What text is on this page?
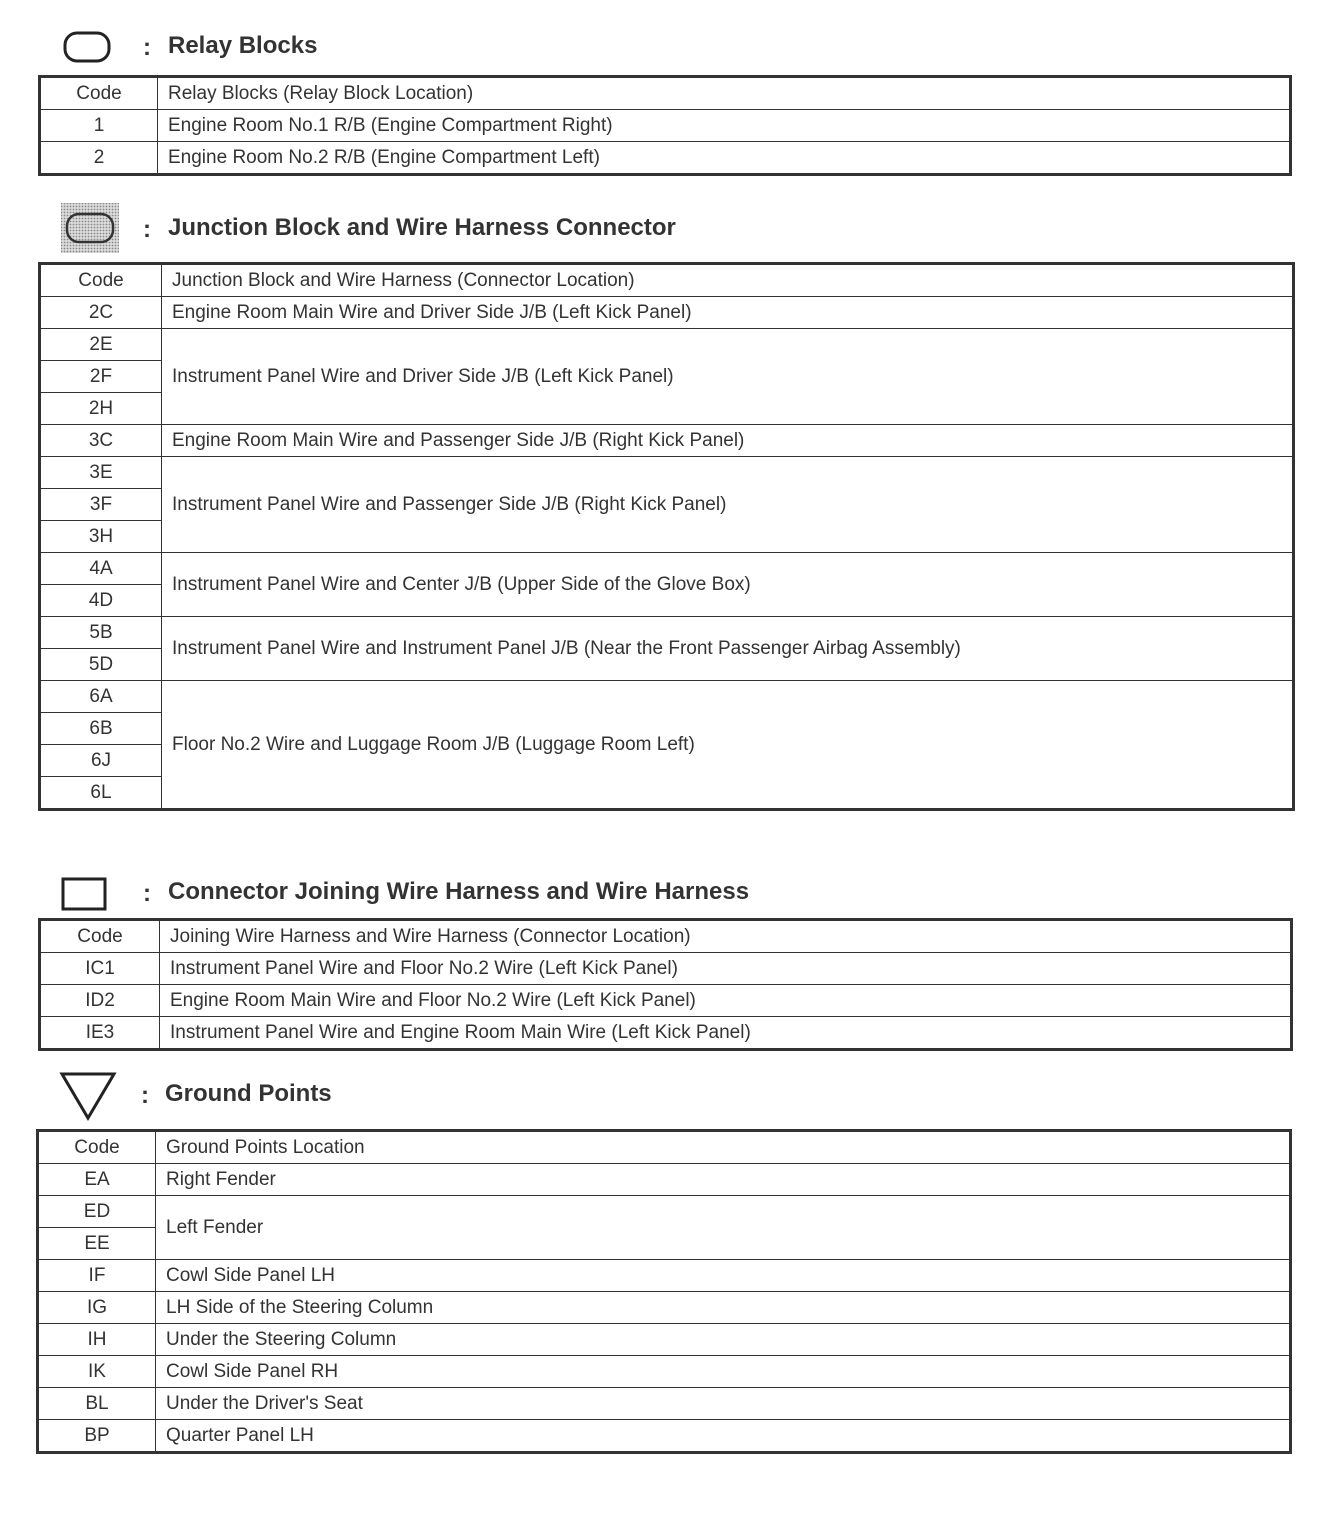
: Relay Blocks
Code	Relay Blocks (Relay Block Location)
1	Engine Room No.1 R/B (Engine Compartment Right)
2	Engine Room No.2 R/B (Engine Compartment Left)
: Junction Block and Wire Harness Connector
Code	Junction Block and Wire Harness (Connector Location)
2C	Engine Room Main Wire and Driver Side J/B (Left Kick Panel)
2E	Instrument Panel Wire and Driver Side J/B (Left Kick Panel)
2F	
2H	
3C	Engine Room Main Wire and Passenger Side J/B (Right Kick Panel)
3E	Instrument Panel Wire and Passenger Side J/B (Right Kick Panel)
3F	
3H	
4A	Instrument Panel Wire and Center J/B (Upper Side of the Glove Box)
4D	
5B	Instrument Panel Wire and Instrument Panel J/B (Near the Front Passenger Airbag Assembly)
5D	
6A	Floor No.2 Wire and Luggage Room J/B (Luggage Room Left)
6B	
6J	
6L	
: Connector Joining Wire Harness and Wire Harness
Code	Joining Wire Harness and Wire Harness (Connector Location)
IC1	Instrument Panel Wire and Floor No.2 Wire (Left Kick Panel)
ID2	Engine Room Main Wire and Floor No.2 Wire (Left Kick Panel)
IE3	Instrument Panel Wire and Engine Room Main Wire (Left Kick Panel)
: Ground Points
Code	Ground Points Location
EA	Right Fender
ED	Left Fender
EE	
IF	Cowl Side Panel LH
IG	LH Side of the Steering Column
IH	Under the Steering Column
IK	Cowl Side Panel RH
BL	Under the Driver's Seat
BP	Quarter Panel LH
